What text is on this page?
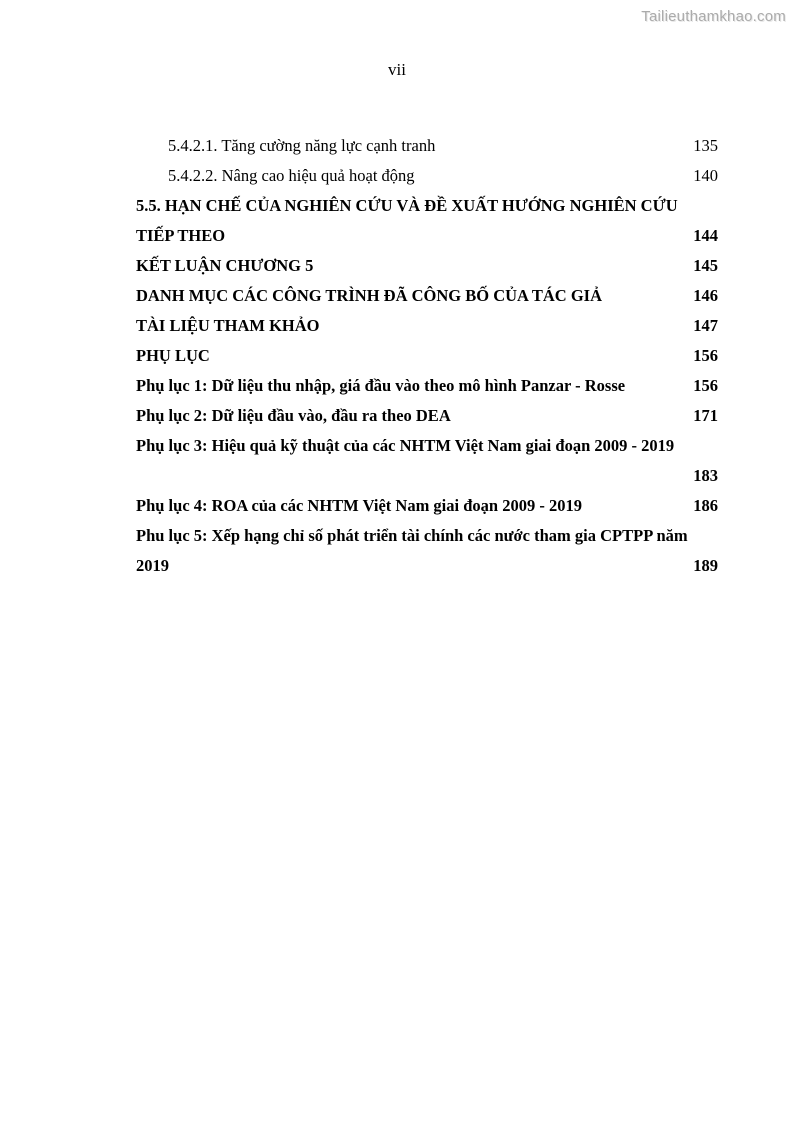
Tailieuthamkhao.com
vii
5.4.2.1. Tăng cường năng lực cạnh tranh	135
5.4.2.2. Nâng cao hiệu quả hoạt động	140
5.5. HẠN CHẾ CỦA NGHIÊN CỨU VÀ ĐỀ XUẤT HƯỚNG NGHIÊN CỨU
TIẾP THEO	144
KẾT LUẬN CHƯƠNG 5	145
DANH MỤC CÁC CÔNG TRÌNH ĐÃ CÔNG BỐ CỦA TÁC GIẢ	146
TÀI LIỆU THAM KHẢO	147
PHỤ LỤC	156
Phụ lục 1: Dữ liệu thu nhập, giá đầu vào theo mô hình Panzar - Rosse	156
Phụ lục 2: Dữ liệu đầu vào, đầu ra theo DEA	171
Phụ lục 3: Hiệu quả kỹ thuật của các NHTM Việt Nam giai đoạn 2009 - 2019
183
Phụ lục 4: ROA của các NHTM Việt Nam giai đoạn 2009 - 2019	186
Phu lục 5: Xếp hạng chỉ số phát triển tài chính các nước tham gia CPTPP năm
2019	189
